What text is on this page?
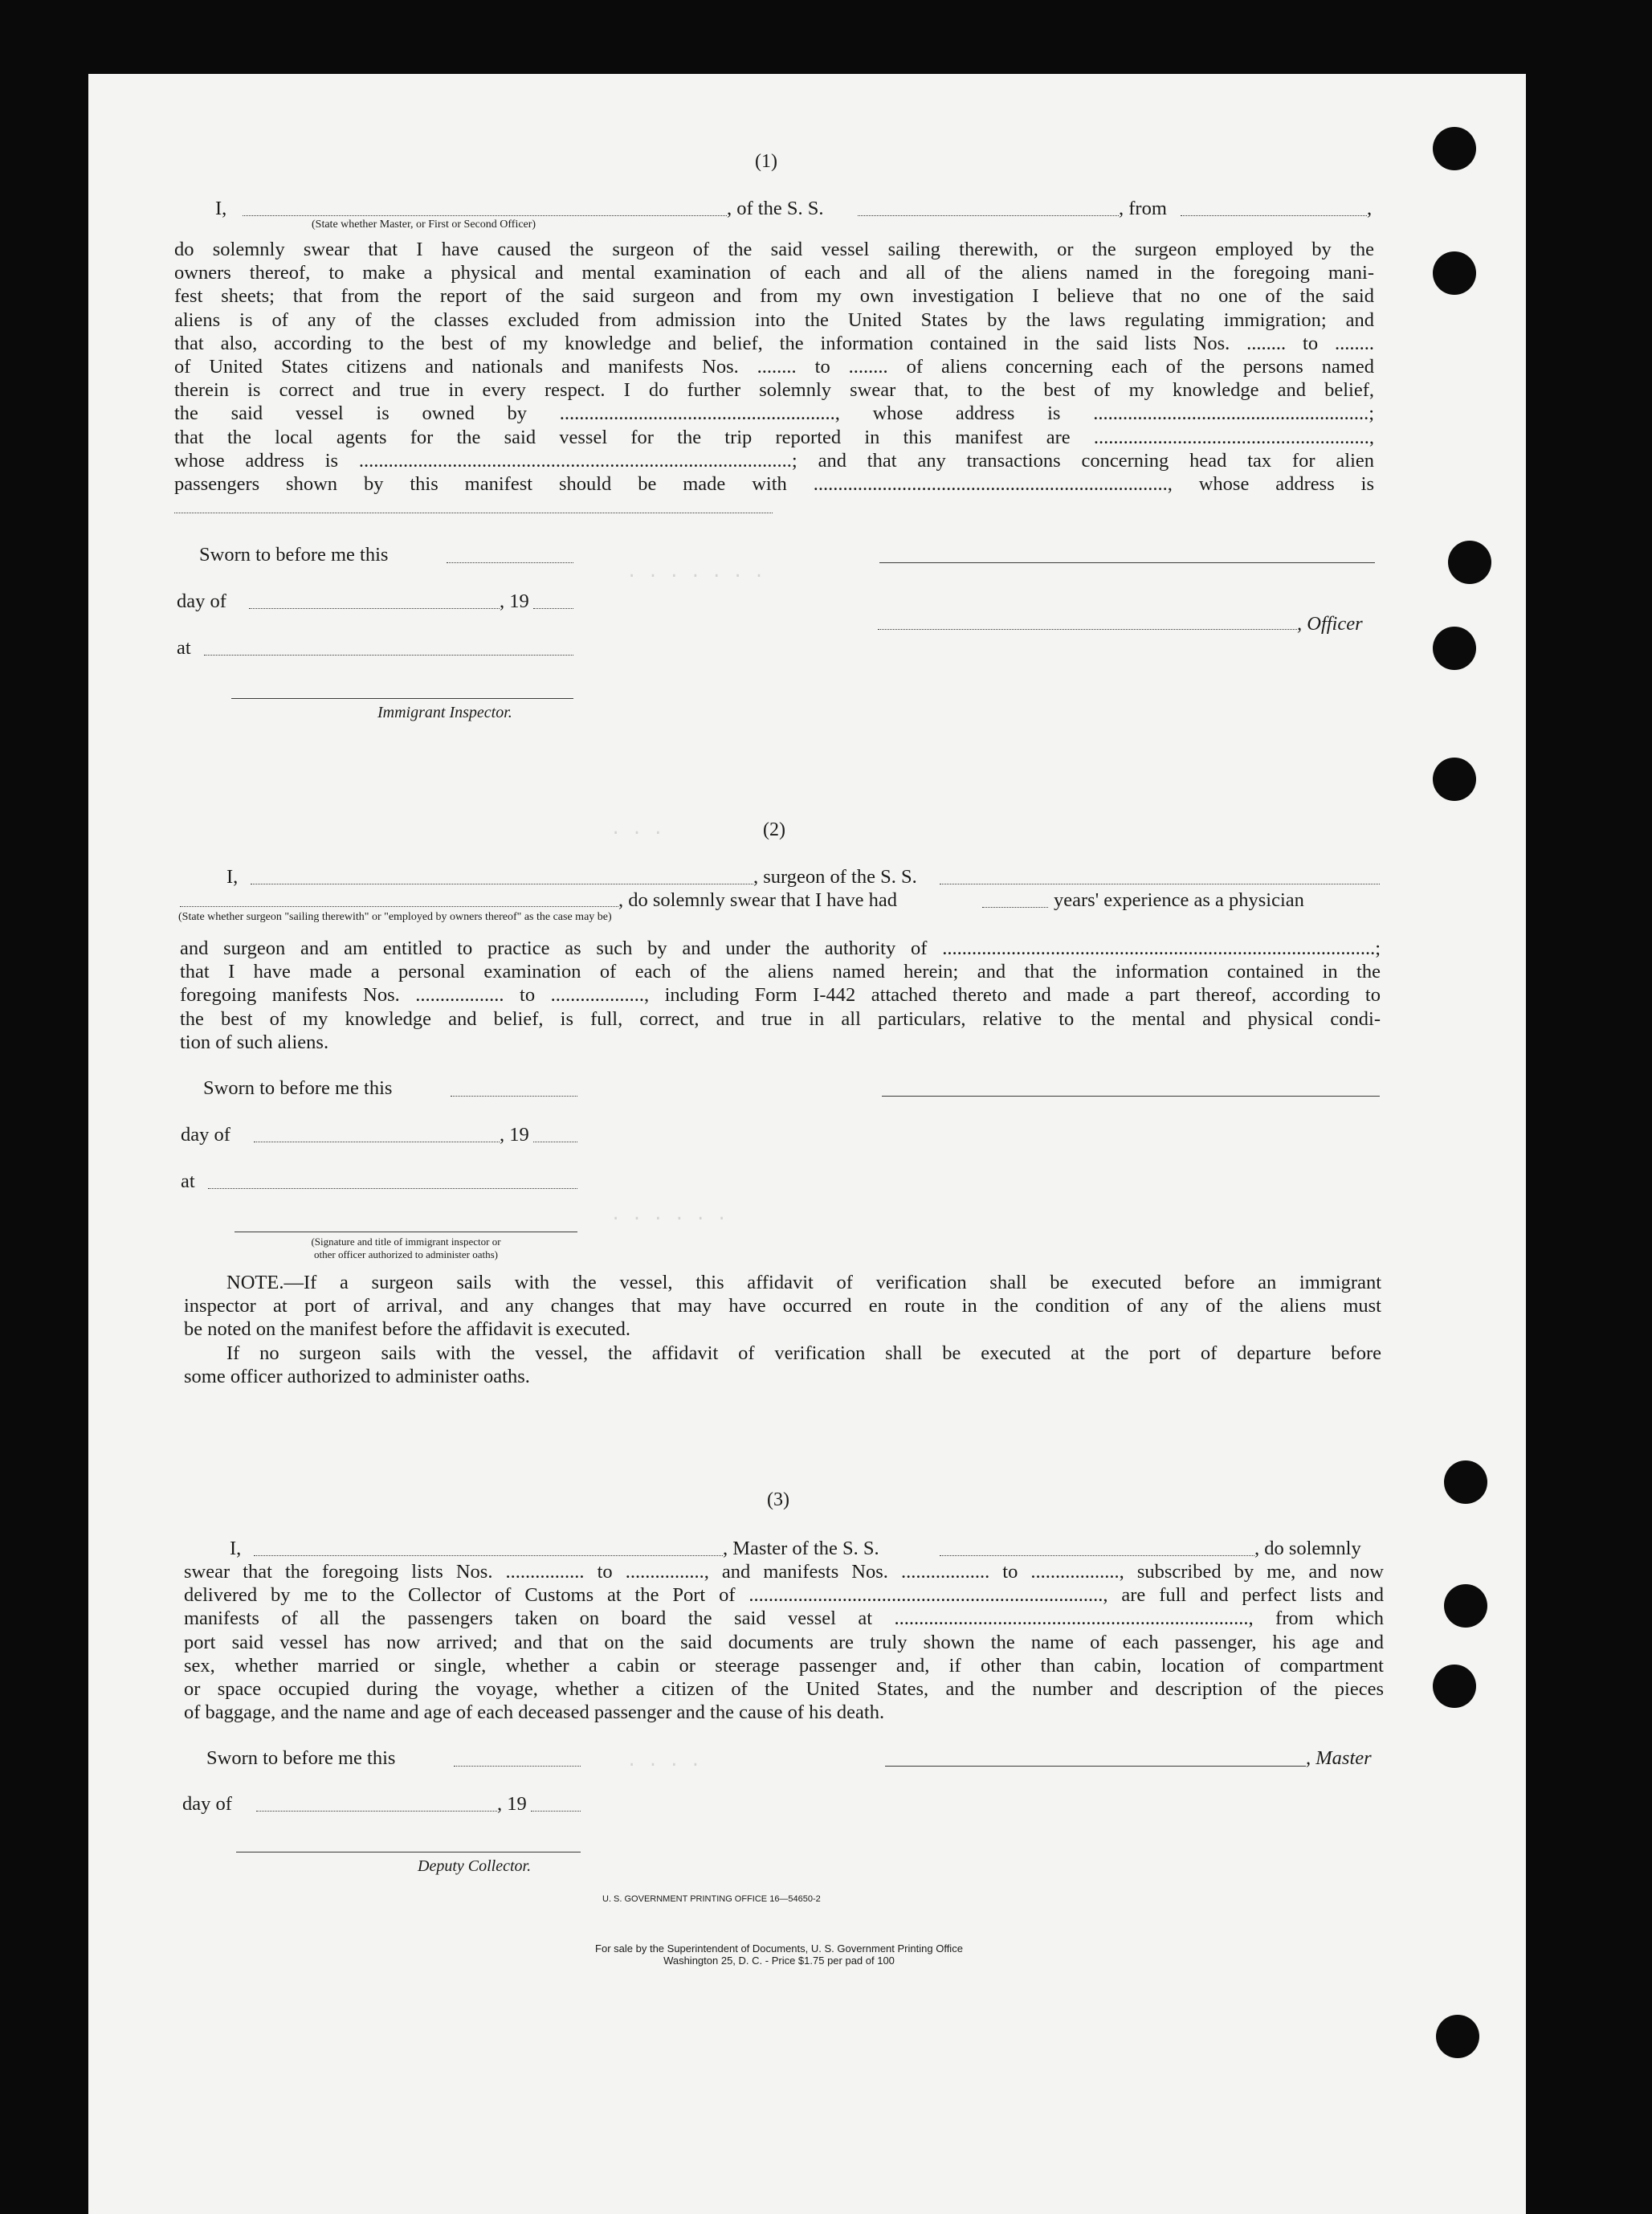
. . . . . . .
. . .
. . . . . .
. . . .
(1)
I,	, of the S. S.	, from	,
(State whether Master, or First or Second Officer)
do solemnly swear that I have caused the surgeon of the said vessel sailing therewith, or the surgeon employed by the
owners thereof, to make a physical and mental examination of each and all of the aliens named in the foregoing mani-
fest sheets; that from the report of the said surgeon and from my own investigation I believe that no one of the said
aliens is of any of the classes excluded from admission into the United States by the laws regulating immigration; and
that also, according to the best of my knowledge and belief, the information contained in the said lists Nos. ........ to ........
of United States citizens and nationals and manifests Nos. ........ to ........ of aliens concerning each of the persons named
therein is correct and true in every respect. I do further solemnly swear that, to the best of my knowledge and belief,
the said vessel is owned by ........................................................, whose address is ........................................................;
that the local agents for the said vessel for the trip reported in this manifest are ........................................................,
whose address is ........................................................................................; and that any transactions concerning head tax for alien
passengers shown by this manifest should be made with ........................................................................, whose address is
Sworn to before me this
day of	, 19
, Officer
at
Immigrant Inspector.
(2)
I,	, surgeon of the S. S.
, do solemnly swear that I have had	years' experience as a physician
(State whether surgeon "sailing therewith" or "employed by owners thereof" as the case may be)
and surgeon and am entitled to practice as such by and under the authority of ........................................................................................;
that I have made a personal examination of each of the aliens named herein; and that the information contained in the
foregoing manifests Nos. .................. to ..................., including Form I-442 attached thereto and made a part thereof, according to
the best of my knowledge and belief, is full, correct, and true in all particulars, relative to the mental and physical condi-
tion of such aliens.
Sworn to before me this
day of	, 19
at
(Signature and title of immigrant inspector or
other officer authorized to administer oaths)
NOTE.—If a surgeon sails with the vessel, this affidavit of verification shall be executed before an immigrant
inspector at port of arrival, and any changes that may have occurred en route in the condition of any of the aliens must
be noted on the manifest before the affidavit is executed.
If no surgeon sails with the vessel, the affidavit of verification shall be executed at the port of departure before
some officer authorized to administer oaths.
(3)
I,	, Master of the S. S.	, do solemnly
swear that the foregoing lists Nos. ................ to ................, and manifests Nos. .................. to .................., subscribed by me, and now
delivered by me to the Collector of Customs at the Port of ........................................................................, are full and perfect lists and
manifests of all the passengers taken on board the said vessel at ........................................................................, from which
port said vessel has now arrived; and that on the said documents are truly shown the name of each passenger, his age and
sex, whether married or single, whether a cabin or steerage passenger and, if other than cabin, location of compartment
or space occupied during the voyage, whether a citizen of the United States, and the number and description of the pieces
of baggage, and the name and age of each deceased passenger and the cause of his death.
Sworn to before me this	, Master
day of	, 19
Deputy Collector.
U. S. GOVERNMENT PRINTING OFFICE 16—54650-2
For sale by the Superintendent of Documents, U. S. Government Printing Office
Washington 25, D. C. - Price $1.75 per pad of 100
